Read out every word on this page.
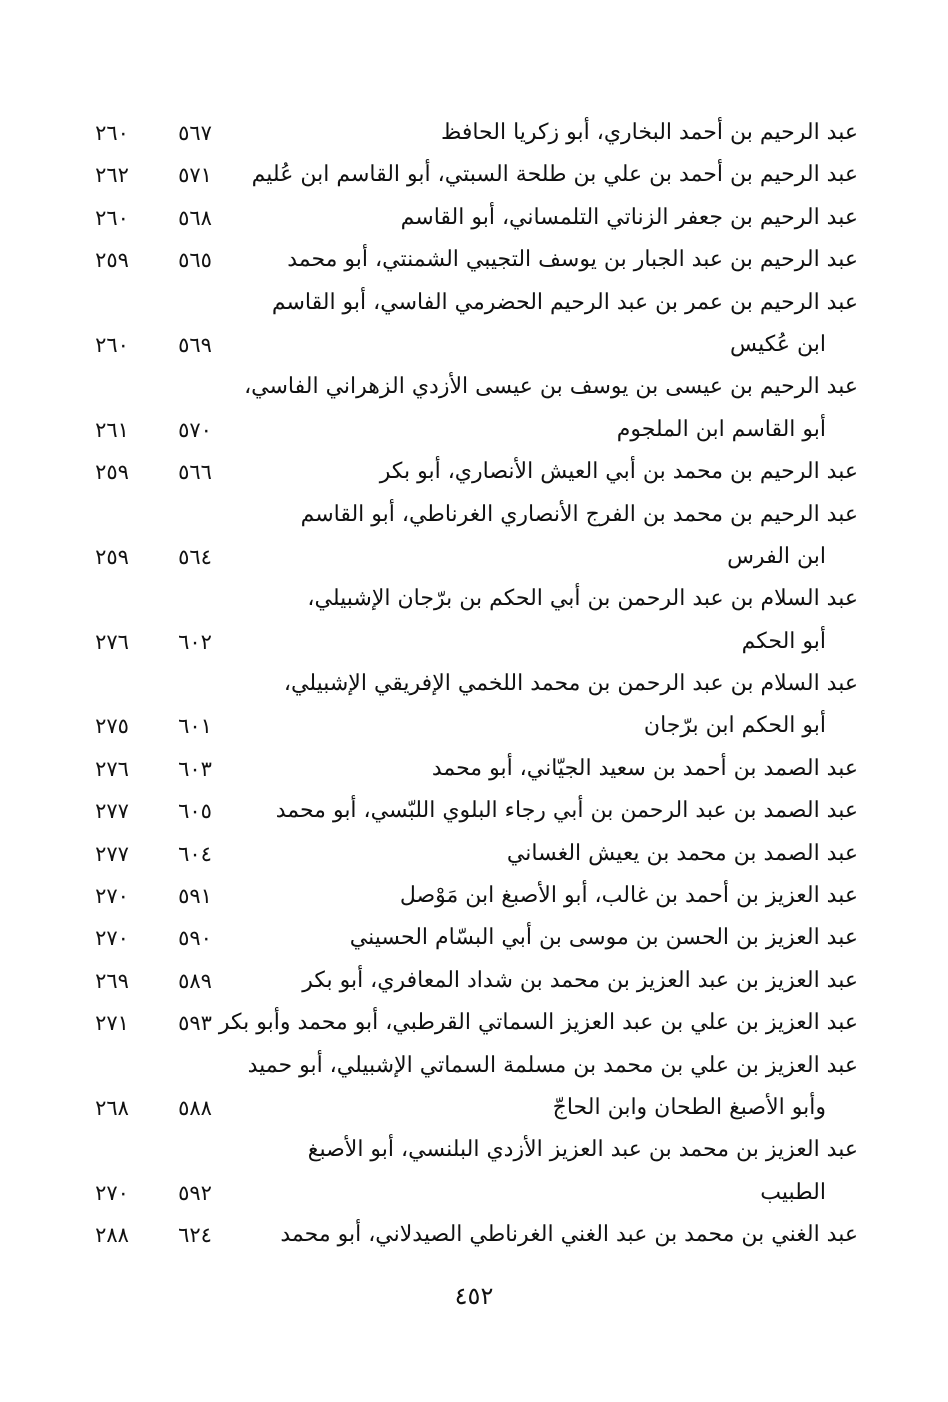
عبد الرحيم بن أحمد البخاري، أبو زكريا الحافظ
٥٦٧
٢٦٠
عبد الرحيم بن أحمد بن علي بن طلحة السبتي، أبو القاسم ابن عُليم
٥٧١
٢٦٢
عبد الرحيم بن جعفر الزناتي التلمساني، أبو القاسم
٥٦٨
٢٦٠
عبد الرحيم بن عبد الجبار بن يوسف التجيبي الشمنتي، أبو محمد
٥٦٥
٢٥٩
عبد الرحيم بن عمر بن عبد الرحيم الحضرمي الفاسي، أبو القاسم
ابن عُكيس
٥٦٩
٢٦٠
عبد الرحيم بن عيسى بن يوسف بن عيسى الأزدي الزهراني الفاسي،
أبو القاسم ابن الملجوم
٥٧٠
٢٦١
عبد الرحيم بن محمد بن أبي العيش الأنصاري، أبو بكر
٥٦٦
٢٥٩
عبد الرحيم بن محمد بن الفرج الأنصاري الغرناطي، أبو القاسم
ابن الفرس
٥٦٤
٢٥٩
عبد السلام بن عبد الرحمن بن أبي الحكم بن برّجان الإشبيلي،
أبو الحكم
٦٠٢
٢٧٦
عبد السلام بن عبد الرحمن بن محمد اللخمي الإفريقي الإشبيلي،
أبو الحكم ابن برّجان
٦٠١
٢٧٥
عبد الصمد بن أحمد بن سعيد الجيّاني، أبو محمد
٦٠٣
٢٧٦
عبد الصمد بن عبد الرحمن بن أبي رجاء البلوي اللبّسي، أبو محمد
٦٠٥
٢٧٧
عبد الصمد بن محمد بن يعيش الغساني
٦٠٤
٢٧٧
عبد العزيز بن أحمد بن غالب، أبو الأصبغ ابن مَوْصل
٥٩١
٢٧٠
عبد العزيز بن الحسن بن موسى بن أبي البسّام الحسيني
٥٩٠
٢٧٠
عبد العزيز بن عبد العزيز بن محمد بن شداد المعافري، أبو بكر
٥٨٩
٢٦٩
عبد العزيز بن علي بن عبد العزيز السماتي القرطبي، أبو محمد وأبو بكر
٥٩٣
٢٧١
عبد العزيز بن علي بن محمد بن مسلمة السماتي الإشبيلي، أبو حميد
وأبو الأصبغ الطحان وابن الحاجّ
٥٨٨
٢٦٨
عبد العزيز بن محمد بن عبد العزيز الأزدي البلنسي، أبو الأصبغ
الطبيب
٥٩٢
٢٧٠
عبد الغني بن محمد بن عبد الغني الغرناطي الصيدلاني، أبو محمد
٦٢٤
٢٨٨
٤٥٢
